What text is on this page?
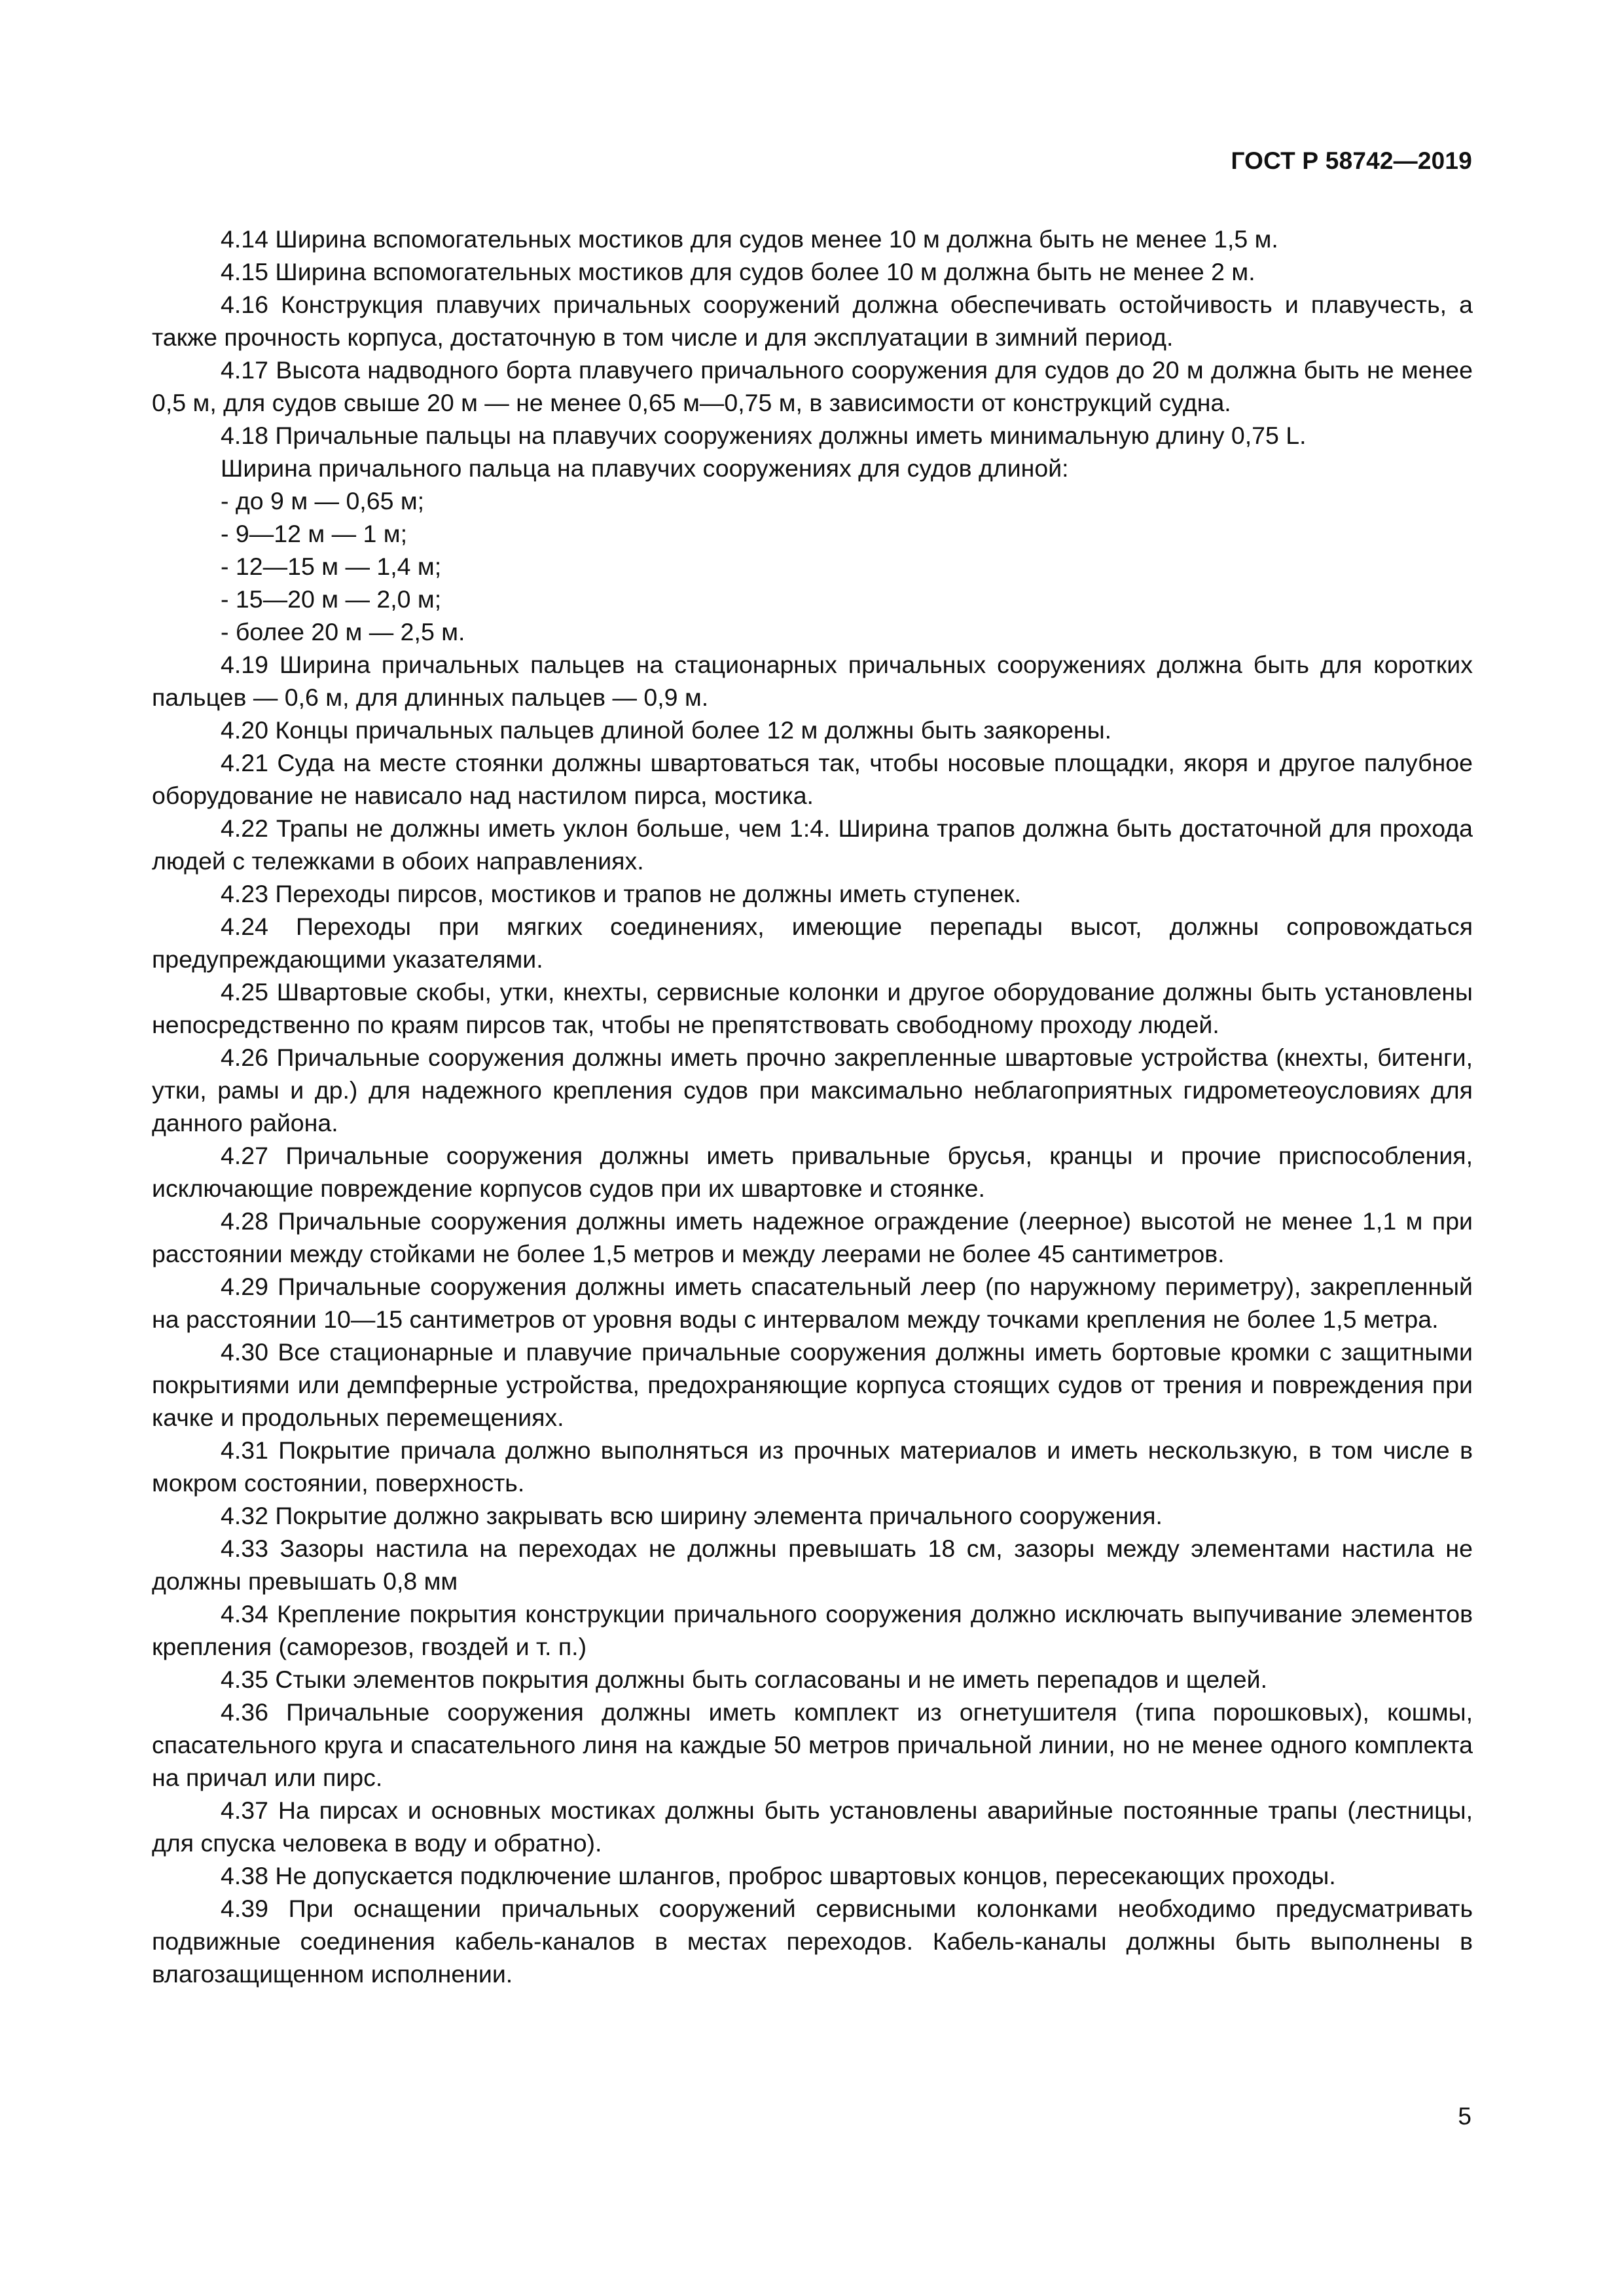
ГОСТ Р 58742—2019

4.14 Ширина вспомогательных мостиков для судов менее 10 м должна быть не менее 1,5 м.

4.15 Ширина вспомогательных мостиков для судов более 10 м должна быть не менее 2 м.

4.16 Конструкция плавучих причальных сооружений должна обеспечивать остойчивость и плавучесть, а также прочность корпуса, достаточную в том числе и для эксплуатации в зимний период.

4.17 Высота надводного борта плавучего причального сооружения для судов до 20 м должна быть не менее 0,5 м, для судов свыше 20 м — не менее 0,65 м—0,75 м, в зависимости от конструкций судна.

4.18 Причальные пальцы на плавучих сооружениях должны иметь минимальную длину 0,75 L.

Ширина причального пальца на плавучих сооружениях для судов длиной:

- до 9 м — 0,65 м;
- 9—12 м — 1 м;
- 12—15 м — 1,4 м;
- 15—20 м — 2,0 м;
- более 20 м — 2,5 м.

4.19 Ширина причальных пальцев на стационарных причальных сооружениях должна быть для коротких пальцев — 0,6 м, для длинных пальцев — 0,9 м.

4.20 Концы причальных пальцев длиной более 12 м должны быть заякорены.

4.21 Суда на месте стоянки должны швартоваться так, чтобы носовые площадки, якоря и другое палубное оборудование не нависало над настилом пирса, мостика.

4.22 Трапы не должны иметь уклон больше, чем 1:4. Ширина трапов должна быть достаточной для прохода людей с тележками в обоих направлениях.

4.23 Переходы пирсов, мостиков и трапов не должны иметь ступенек.

4.24 Переходы при мягких соединениях, имеющие перепады высот, должны сопровождаться предупреждающими указателями.

4.25 Швартовые скобы, утки, кнехты, сервисные колонки и другое оборудование должны быть установлены непосредственно по краям пирсов так, чтобы не препятствовать свободному проходу людей.

4.26 Причальные сооружения должны иметь прочно закрепленные швартовые устройства (кнехты, битенги, утки, рамы и др.) для надежного крепления судов при максимально неблагоприятных гидрометеоусловиях для данного района.

4.27 Причальные сооружения должны иметь привальные брусья, кранцы и прочие приспособления, исключающие повреждение корпусов судов при их швартовке и стоянке.

4.28 Причальные сооружения должны иметь надежное ограждение (леерное) высотой не менее 1,1 м при расстоянии между стойками не более 1,5 метров и между леерами не более 45 сантиметров.

4.29 Причальные сооружения должны иметь спасательный леер (по наружному периметру), закрепленный на расстоянии 10—15 сантиметров от уровня воды с интервалом между точками крепления не более 1,5 метра.

4.30 Все стационарные и плавучие причальные сооружения должны иметь бортовые кромки с защитными покрытиями или демпферные устройства, предохраняющие корпуса стоящих судов от трения и повреждения при качке и продольных перемещениях.

4.31 Покрытие причала должно выполняться из прочных материалов и иметь нескользкую, в том числе в мокром состоянии, поверхность.

4.32 Покрытие должно закрывать всю ширину элемента причального сооружения.

4.33 Зазоры настила на переходах не должны превышать 18 см, зазоры между элементами настила не должны превышать 0,8 мм

4.34 Крепление покрытия конструкции причального сооружения должно исключать выпучивание элементов крепления (саморезов, гвоздей и т. п.)

4.35 Стыки элементов покрытия должны быть согласованы и не иметь перепадов и щелей.

4.36 Причальные сооружения должны иметь комплект из огнетушителя (типа порошковых), кошмы, спасательного круга и спасательного линя на каждые 50 метров причальной линии, но не менее одного комплекта на причал или пирс.

4.37 На пирсах и основных мостиках должны быть установлены аварийные постоянные трапы (лестницы, для спуска человека в воду и обратно).

4.38 Не допускается подключение шлангов, проброс швартовых концов, пересекающих проходы.

4.39 При оснащении причальных сооружений сервисными колонками необходимо предусматривать подвижные соединения кабель-каналов в местах переходов. Кабель-каналы должны быть выполнены в влагозащищенном исполнении.

5
